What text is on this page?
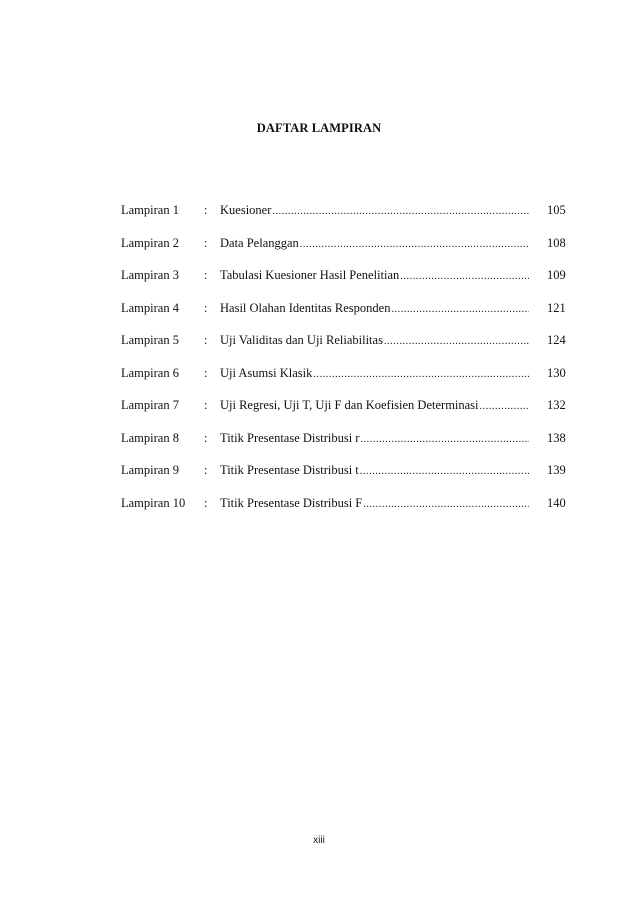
DAFTAR LAMPIRAN
Lampiran 1 : Kuesioner .....	105
Lampiran 2 : Data Pelanggan .....	108
Lampiran 3 : Tabulasi Kuesioner Hasil Penelitian .....	109
Lampiran 4 : Hasil Olahan Identitas Responden .....	121
Lampiran 5 : Uji Validitas dan Uji Reliabilitas .....	124
Lampiran 6 : Uji Asumsi Klasik .....	130
Lampiran 7 : Uji Regresi, Uji T, Uji F dan Koefisien Determinasi .....	132
Lampiran 8 : Titik Presentase Distribusi r .....	138
Lampiran 9 : Titik Presentase Distribusi t .....	139
Lampiran 10 : Titik Presentase Distribusi F .....	140
xiii
